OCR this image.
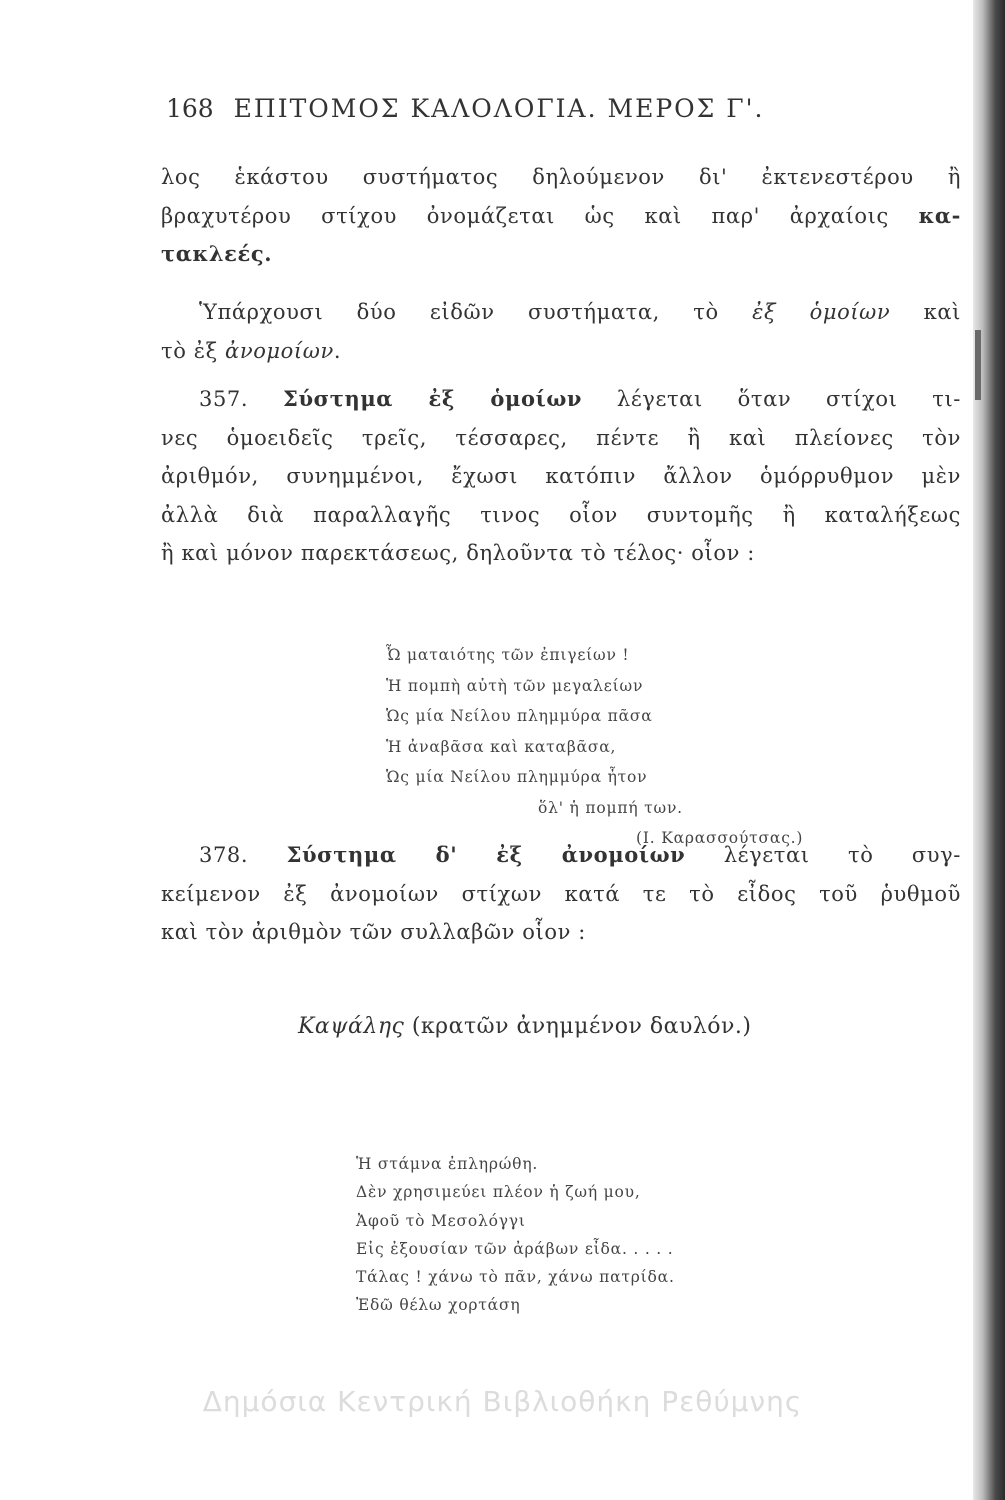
168 ΕΠΙΤΟΜΟΣ ΚΑΛΟΛΟΓΙΑ. ΜΕΡΟΣ Γ'.
λος ἑκάστου συστήματος δηλούμενον δι' ἐκτενεστέρου ἢ
βραχυτέρου στίχου ὀνομάζεται ὡς καὶ παρ' ἀρχαίοις κα-
τακλεές.
Ὑπάρχουσι δύο εἰδῶν συστήματα, τὸ ἐξ ὁμοίων καὶ
τὸ ἐξ ἀνομοίων.
357. Σύστημα ἐξ ὁμοίων λέγεται ὅταν στίχοι τι-
νες ὁμοειδεῖς τρεῖς, τέσσαρες, πέντε ἢ καὶ πλείονες τὸν
ἀριθμόν, συνημμένοι, ἔχωσι κατόπιν ἄλλον ὁμόρρυθμον μὲν
ἀλλὰ διὰ παραλλαγῆς τινος οἷον συντομῆς ἢ καταλήξεως
ἢ καὶ μόνον παρεκτάσεως, δηλοῦντα τὸ τέλος· οἷον :
Ὦ ματαιότης τῶν ἐπιγείων !
Ἡ πομπὴ αὐτὴ τῶν μεγαλείων
Ὡς μία Νείλου πλημμύρα πᾶσα
Ἡ ἀναβᾶσα καὶ καταβᾶσα,
Ὡς μία Νείλου πλημμύρα ἦτον
ὅλ' ἡ πομπή των.
(Ι. Καρασσούτσας.)
378. Σύστημα δ' ἐξ ἀνομοίων λέγεται τὸ συγ-
κείμενον ἐξ ἀνομοίων στίχων κατά τε τὸ εἶδος τοῦ ῥυθμοῦ
καὶ τὸν ἀριθμὸν τῶν συλλαβῶν οἷον :
Καψάλης (κρατῶν ἀνημμένον δαυλόν.)
Ἡ στάμνα ἐπληρώθη.
Δὲν χρησιμεύει πλέον ἡ ζωή μου,
Ἀφοῦ τὸ Μεσολόγγι
Εἰς ἐξουσίαν τῶν ἀράβων εἶδα. . . . .
Τάλας ! χάνω τὸ πᾶν, χάνω πατρίδα.
Ἐδῶ θέλω χορτάση
Δημόσια Κεντρική Βιβλιοθήκη Ρεθύμνης
